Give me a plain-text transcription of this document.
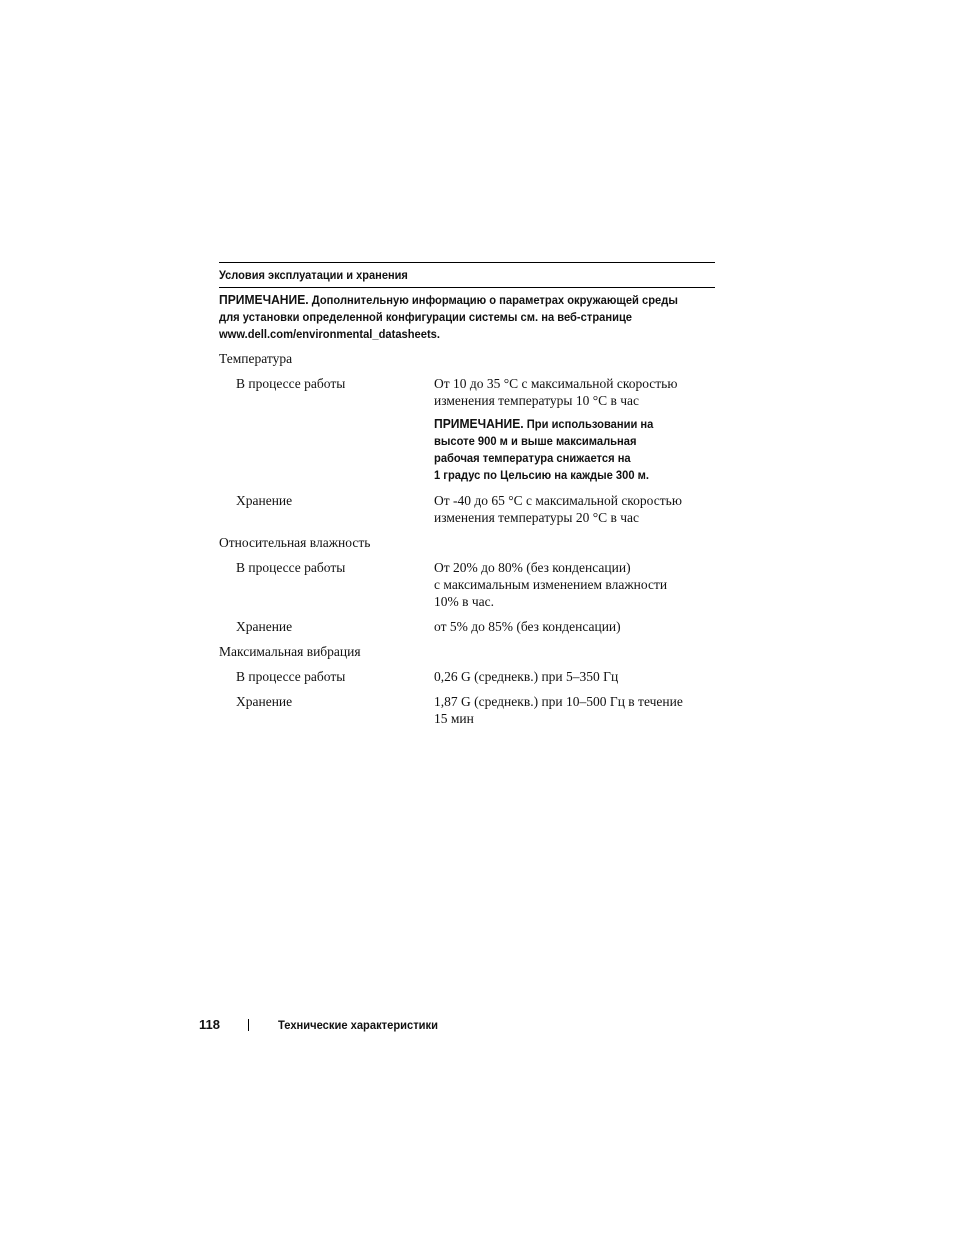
Условия эксплуатации и хранения
ПРИМЕЧАНИЕ. Дополнительную информацию о параметрах окружающей среды
для установки определенной конфигурации системы см. на веб-странице
www.dell.com/environmental_datasheets.
Температура
В процессе работы	От 10 до 35 °C с максимальной скоростью
изменения температуры 10 °C в час
ПРИМЕЧАНИЕ. При использовании на
высоте 900 м и выше максимальная
рабочая температура снижается на
1 градус по Цельсию на каждые 300 м.
Хранение	От -40 до 65 °C с максимальной скоростью
изменения температуры 20 °C в час
Относительная влажность
В процессе работы	От 20% до 80% (без конденсации)
с максимальным изменением влажности
10% в час.
Хранение	от 5% до 85% (без конденсации)
Максимальная вибрация
В процессе работы	0,26 G (среднекв.) при 5–350 Гц
Хранение	1,87 G (среднекв.) при 10–500 Гц в течение
15 мин
118	Технические характеристики
